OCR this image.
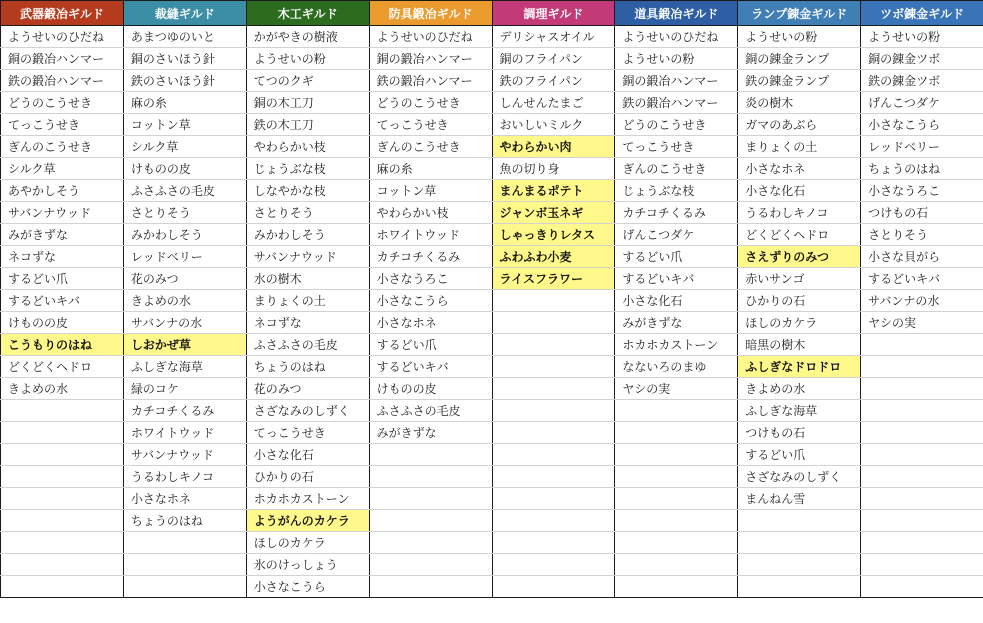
武器鍛冶ギルド	裁縫ギルド	木工ギルド	防具鍛冶ギルド	調理ギルド	道具鍛冶ギルド	ランプ錬金ギルド	ツボ錬金ギルド
ようせいのひだね	あまつゆのいと	かがやきの樹液	ようせいのひだね	デリシャスオイル	ようせいのひだね	ようせいの粉	ようせいの粉
銅の鍛冶ハンマー	銅のさいほう針	ようせいの粉	銅の鍛冶ハンマー	銅のフライパン	ようせいの粉	銅の錬金ランプ	銅の錬金ツボ
鉄の鍛冶ハンマー	鉄のさいほう針	てつのクギ	鉄の鍛冶ハンマー	鉄のフライパン	銅の鍛冶ハンマー	鉄の錬金ランプ	鉄の錬金ツボ
どうのこうせき	麻の糸	銅の木工刀	どうのこうせき	しんせんたまご	鉄の鍛冶ハンマー	炎の樹木	げんこつダケ
てっこうせき	コットン草	鉄の木工刀	てっこうせき	おいしいミルク	どうのこうせき	ガマのあぶら	小さなこうら
ぎんのこうせき	シルク草	やわらかい枝	ぎんのこうせき	やわらかい肉	てっこうせき	まりょくの土	レッドベリー
シルク草	けものの皮	じょうぶな枝	麻の糸	魚の切り身	ぎんのこうせき	小さなホネ	ちょうのはね
あやかしそう	ふさふさの毛皮	しなやかな枝	コットン草	まんまるポテト	じょうぶな枝	小さな化石	小さなうろこ
サバンナウッド	さとりそう	さとりそう	やわらかい枝	ジャンボ玉ネギ	カチコチくるみ	うるわしキノコ	つけもの石
みがきずな	みかわしそう	みかわしそう	ホワイトウッド	しゃっきりレタス	げんこつダケ	どくどくヘドロ	さとりそう
ネコずな	レッドベリー	サバンナウッド	カチコチくるみ	ふわふわ小麦	するどい爪	さえずりのみつ	小さな貝がら
するどい爪	花のみつ	水の樹木	小さなうろこ	ライスフラワー	するどいキバ	赤いサンゴ	するどいキバ
するどいキバ	きよめの水	まりょくの土	小さなこうら		小さな化石	ひかりの石	サバンナの水
けものの皮	サバンナの水	ネコずな	小さなホネ		みがきずな	ほしのカケラ	ヤシの実
こうもりのはね	しおかぜ草	ふさふさの毛皮	するどい爪		ホカホカストーン	暗黒の樹木	
どくどくヘドロ	ふしぎな海草	ちょうのはね	するどいキバ		なないろのまゆ	ふしぎなドロドロ	
きよめの水	緑のコケ	花のみつ	けものの皮		ヤシの実	きよめの水	
	カチコチくるみ	さざなみのしずく	ふさふさの毛皮			ふしぎな海草	
	ホワイトウッド	てっこうせき	みがきずな			つけもの石	
	サバンナウッド	小さな化石				するどい爪	
	うるわしキノコ	ひかりの石				さざなみのしずく	
	小さなホネ	ホカホカストーン				まんねん雪	
	ちょうのはね	ようがんのカケラ					
		ほしのカケラ					
		氷のけっしょう					
		小さなこうら					
